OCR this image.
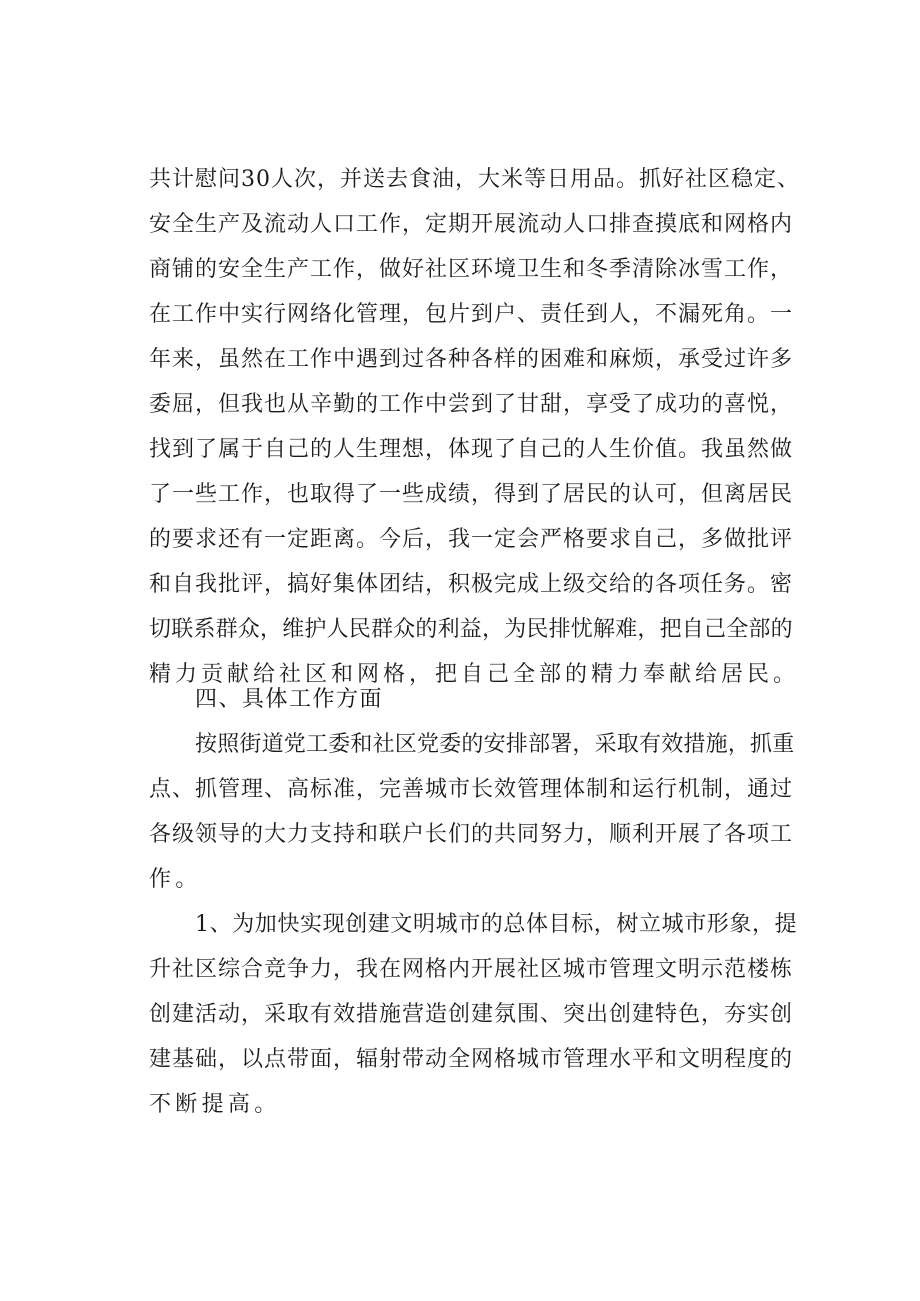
共计慰问30人次，并送去食油，大米等日用品。抓好社区稳定、
安全生产及流动人口工作，定期开展流动人口排查摸底和网格内
商铺的安全生产工作，做好社区环境卫生和冬季清除冰雪工作，
在工作中实行网络化管理，包片到户、责任到人，不漏死角。一
年来，虽然在工作中遇到过各种各样的困难和麻烦，承受过许多
委屈，但我也从辛勤的工作中尝到了甘甜，享受了成功的喜悦，
找到了属于自己的人生理想，体现了自己的人生价值。我虽然做
了一些工作，也取得了一些成绩，得到了居民的认可，但离居民
的要求还有一定距离。今后，我一定会严格要求自己，多做批评
和自我批评，搞好集体团结，积极完成上级交给的各项任务。密
切联系群众，维护人民群众的利益，为民排忧解难，把自己全部的
精力贡献给社区和网格，把自己全部的精力奉献给居民。
四、具体工作方面
按照街道党工委和社区党委的安排部署，采取有效措施，抓重
点、抓管理、高标准，完善城市长效管理体制和运行机制，通过
各级领导的大力支持和联户长们的共同努力，顺利开展了各项工
作。
1、为加快实现创建文明城市的总体目标，树立城市形象，提
升社区综合竞争力，我在网格内开展社区城市管理文明示范楼栋
创建活动，采取有效措施营造创建氛围、突出创建特色，夯实创
建基础，以点带面，辐射带动全网格城市管理水平和文明程度的
不断提高。
